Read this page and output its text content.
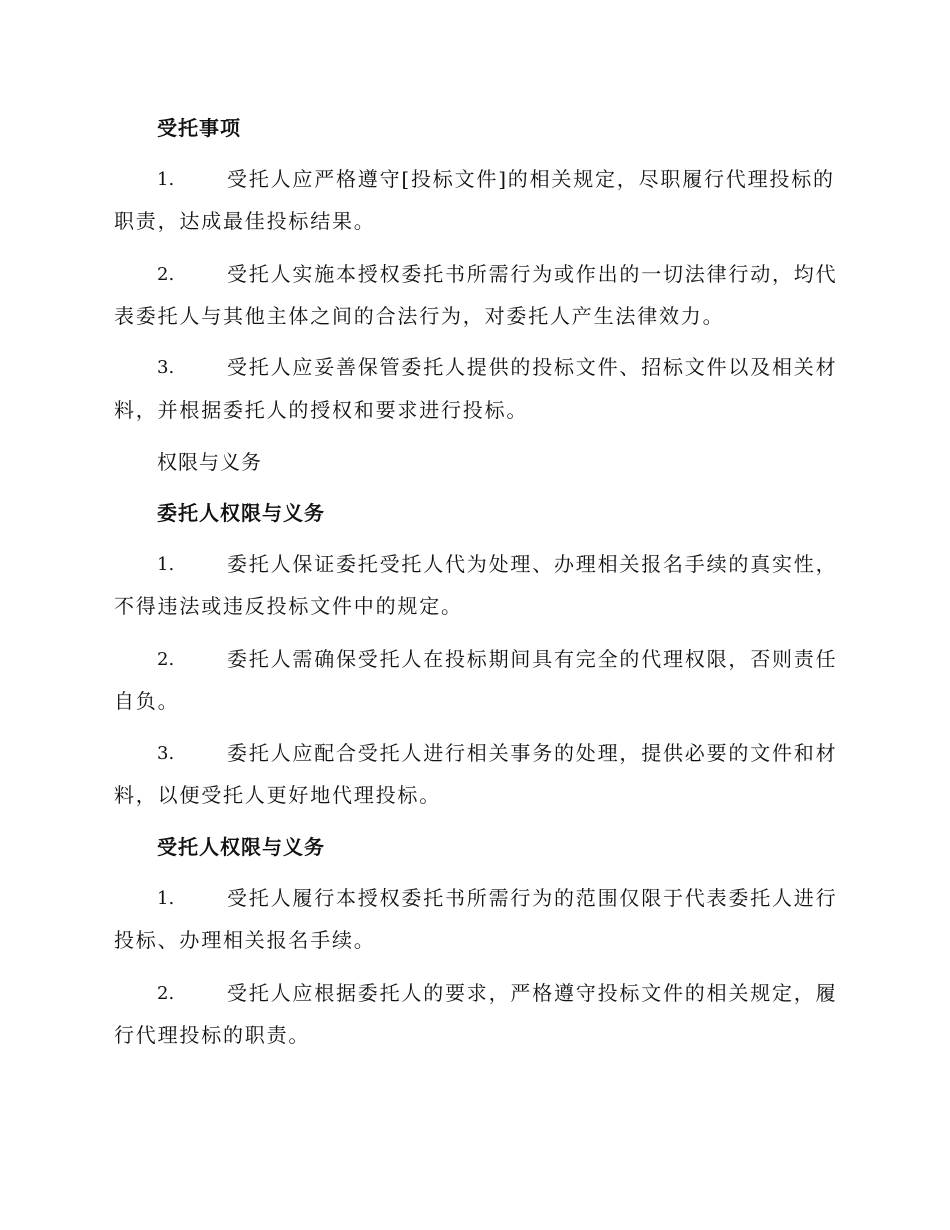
受托事项
1.	受托人应严格遵守[投标文件]的相关规定，尽职履行代理投标的
职责，达成最佳投标结果。
2.	受托人实施本授权委托书所需行为或作出的一切法律行动，均代
表委托人与其他主体之间的合法行为，对委托人产生法律效力。
3.	受托人应妥善保管委托人提供的投标文件、招标文件以及相关材
料，并根据委托人的授权和要求进行投标。
权限与义务
委托人权限与义务
1.	委托人保证委托受托人代为处理、办理相关报名手续的真实性，
不得违法或违反投标文件中的规定。
2.	委托人需确保受托人在投标期间具有完全的代理权限，否则责任
自负。
3.	委托人应配合受托人进行相关事务的处理，提供必要的文件和材
料，以便受托人更好地代理投标。
受托人权限与义务
1.	受托人履行本授权委托书所需行为的范围仅限于代表委托人进行
投标、办理相关报名手续。
2.	受托人应根据委托人的要求，严格遵守投标文件的相关规定，履
行代理投标的职责。
